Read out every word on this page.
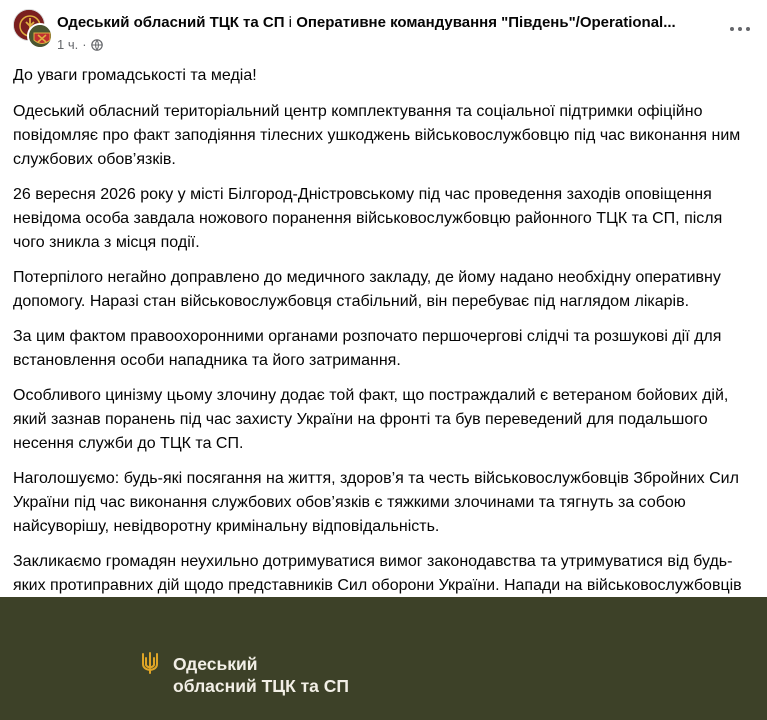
Одеський обласний ТЦК та СП і Оперативне командування "Південь"/Operational...
1 ч. ·

До уваги громадськості та медіа!

Одеський обласний територіальний центр комплектування та соціальної підтримки офіційно повідомляє про факт заподіяння тілесних ушкоджень військовослужбовцю під час виконання ним службових обов’язків.

26 вересня 2026 року у місті Білгород-Дністровському під час проведення заходів оповіщення невідома особа завдала ножового поранення військовослужбовцю районного ТЦК та СП, після чого зникла з місця події.

Потерпілого негайно доправлено до медичного закладу, де йому надано необхідну оперативну допомогу. Наразі стан військовослужбовця стабільний, він перебуває під наглядом лікарів.

За цим фактом правоохоронними органами розпочато першочергові слідчі та розшукові дії для встановлення особи нападника та його затримання.

Особливого цинізму цьому злочину додає той факт, що постраждалий є ветераном бойових дій, який зазнав поранень під час захисту України на фронті та був переведений для подальшого несення служби до ТЦК та СП.

Наголошуємо: будь-які посягання на життя, здоров’я та честь військовослужбовців Збройних Сил України під час виконання службових обов’язків є тяжкими злочинами та тягнуть за собою найсуворішу, невідворотну кримінальну відповідальність.

Закликаємо громадян неухильно дотримуватися вимог законодавства та утримуватися від будь-яких протиправних дій щодо представників Сил оборони України. Напади на військовослужбовців

Одеський
обласний ТЦК та СП
